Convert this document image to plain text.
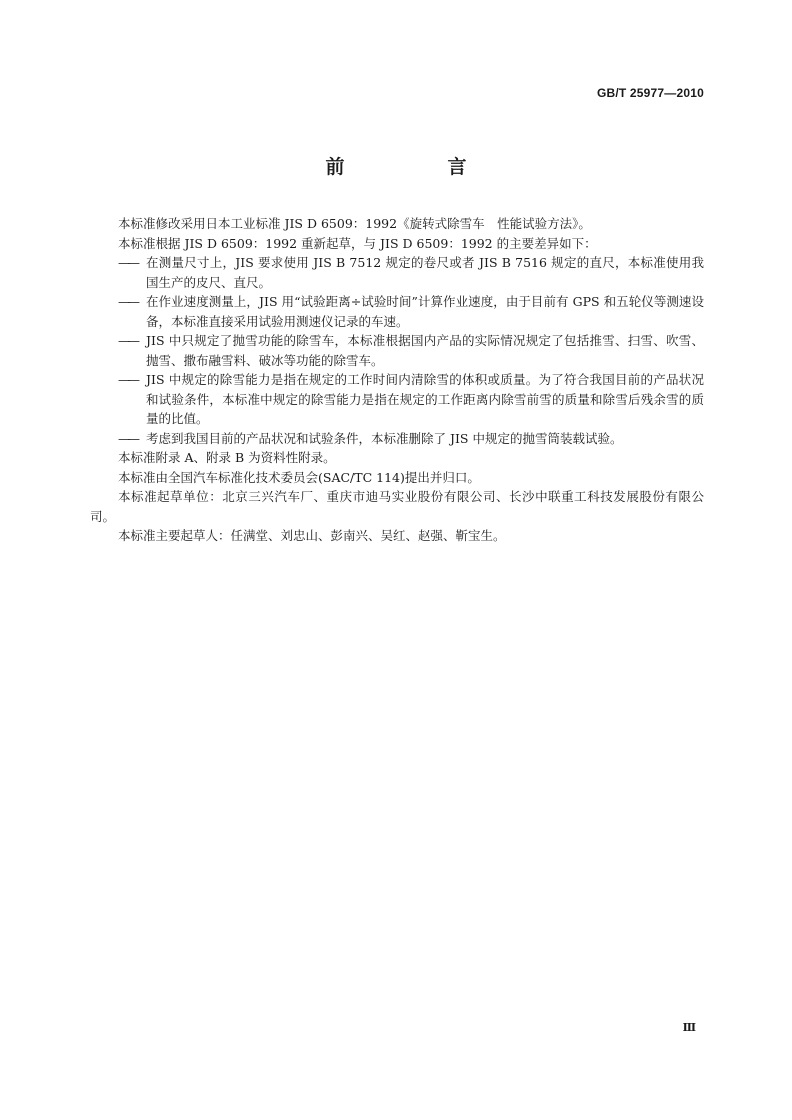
GB/T 25977—2010
前　言

本标准修改采用日本工业标准 JIS D 6509：1992《旋转式除雪车　性能试验方法》。

本标准根据 JIS D 6509：1992 重新起草，与 JIS D 6509：1992 的主要差异如下：

—— 在测量尺寸上，JIS 要求使用 JIS B 7512 规定的卷尺或者 JIS B 7516 规定的直尺，本标准使用我国生产的皮尺、直尺。

—— 在作业速度测量上，JIS 用“试验距离÷试验时间”计算作业速度，由于目前有 GPS 和五轮仪等测速设备，本标准直接采用试验用测速仪记录的车速。

—— JIS 中只规定了抛雪功能的除雪车，本标准根据国内产品的实际情况规定了包括推雪、扫雪、吹雪、抛雪、撒布融雪料、破冰等功能的除雪车。

—— JIS 中规定的除雪能力是指在规定的工作时间内清除雪的体积或质量。为了符合我国目前的产品状况和试验条件，本标准中规定的除雪能力是指在规定的工作距离内除雪前雪的质量和除雪后残余雪的质量的比值。

—— 考虑到我国目前的产品状况和试验条件，本标准删除了 JIS 中规定的抛雪筒装载试验。

本标准附录 A、附录 B 为资料性附录。

本标准由全国汽车标准化技术委员会(SAC/TC 114)提出并归口。

本标准起草单位：北京三兴汽车厂、重庆市迪马实业股份有限公司、长沙中联重工科技发展股份有限公司。

本标准主要起草人：任满堂、刘忠山、彭南兴、吴红、赵强、靳宝生。

Ⅲ
